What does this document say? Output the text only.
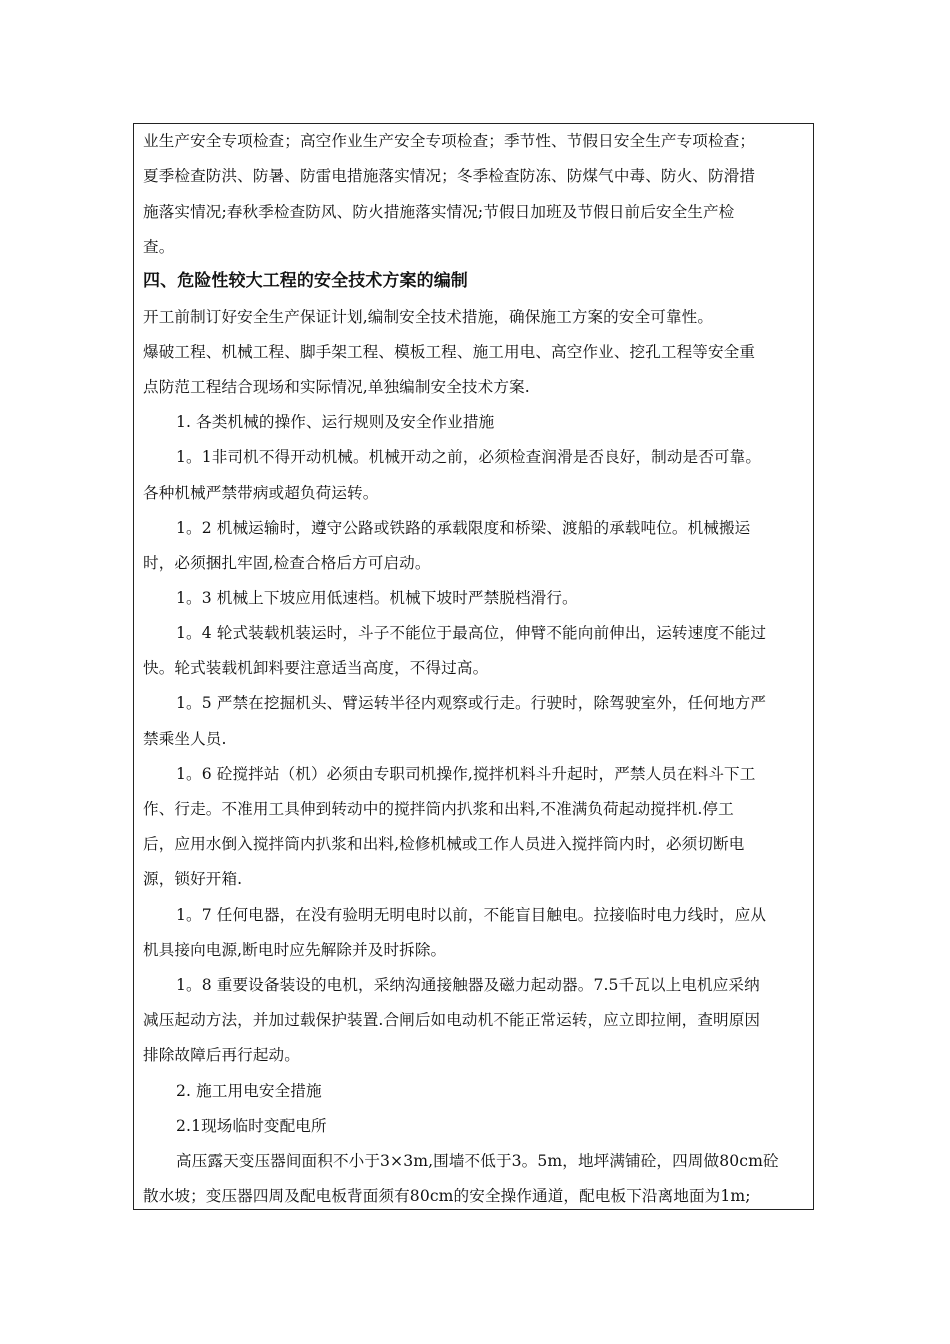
业生产安全专项检查；高空作业生产安全专项检查；季节性、节假日安全生产专项检查；
夏季检查防洪、防暑、防雷电措施落实情况；冬季检查防冻、防煤气中毒、防火、防滑措
施落实情况;春秋季检查防风、防火措施落实情况;节假日加班及节假日前后安全生产检
查。
四、危险性较大工程的安全技术方案的编制
开工前制订好安全生产保证计划,编制安全技术措施，确保施工方案的安全可靠性。
爆破工程、机械工程、脚手架工程、模板工程、施工用电、高空作业、挖孔工程等安全重
点防范工程结合现场和实际情况,单独编制安全技术方案.
1. 各类机械的操作、运行规则及安全作业措施
1。1非司机不得开动机械。机械开动之前，必须检查润滑是否良好，制动是否可靠。
各种机械严禁带病或超负荷运转。
1。2 机械运输时，遵守公路或铁路的承载限度和桥梁、渡船的承载吨位。机械搬运
时，必须捆扎牢固,检查合格后方可启动。
1。3 机械上下坡应用低速档。机械下坡时严禁脱档滑行。
1。4 轮式装载机装运时，斗子不能位于最高位，伸臂不能向前伸出，运转速度不能过
快。轮式装载机卸料要注意适当高度，不得过高。
1。5 严禁在挖掘机头、臂运转半径内观察或行走。行驶时，除驾驶室外，任何地方严
禁乘坐人员.
1。6 砼搅拌站（机）必须由专职司机操作,搅拌机料斗升起时，严禁人员在料斗下工
作、行走。不准用工具伸到转动中的搅拌筒内扒浆和出料,不准满负荷起动搅拌机.停工
后，应用水倒入搅拌筒内扒浆和出料,检修机械或工作人员进入搅拌筒内时，必须切断电
源，锁好开箱.
1。7 任何电器，在没有验明无明电时以前，不能盲目触电。拉接临时电力线时，应从
机具接向电源,断电时应先解除并及时拆除。
1。8 重要设备装设的电机，采纳沟通接触器及磁力起动器。7.5千瓦以上电机应采纳
减压起动方法，并加过载保护装置.合闸后如电动机不能正常运转，应立即拉闸，查明原因
排除故障后再行起动。
2. 施工用电安全措施
2.1现场临时变配电所
高压露天变压器间面积不小于3×3m,围墙不低于3。5m，地坪满铺砼，四周做80cm砼
散水坡；变压器四周及配电板背面须有80cm的安全操作通道，配电板下沿离地面为1m;
